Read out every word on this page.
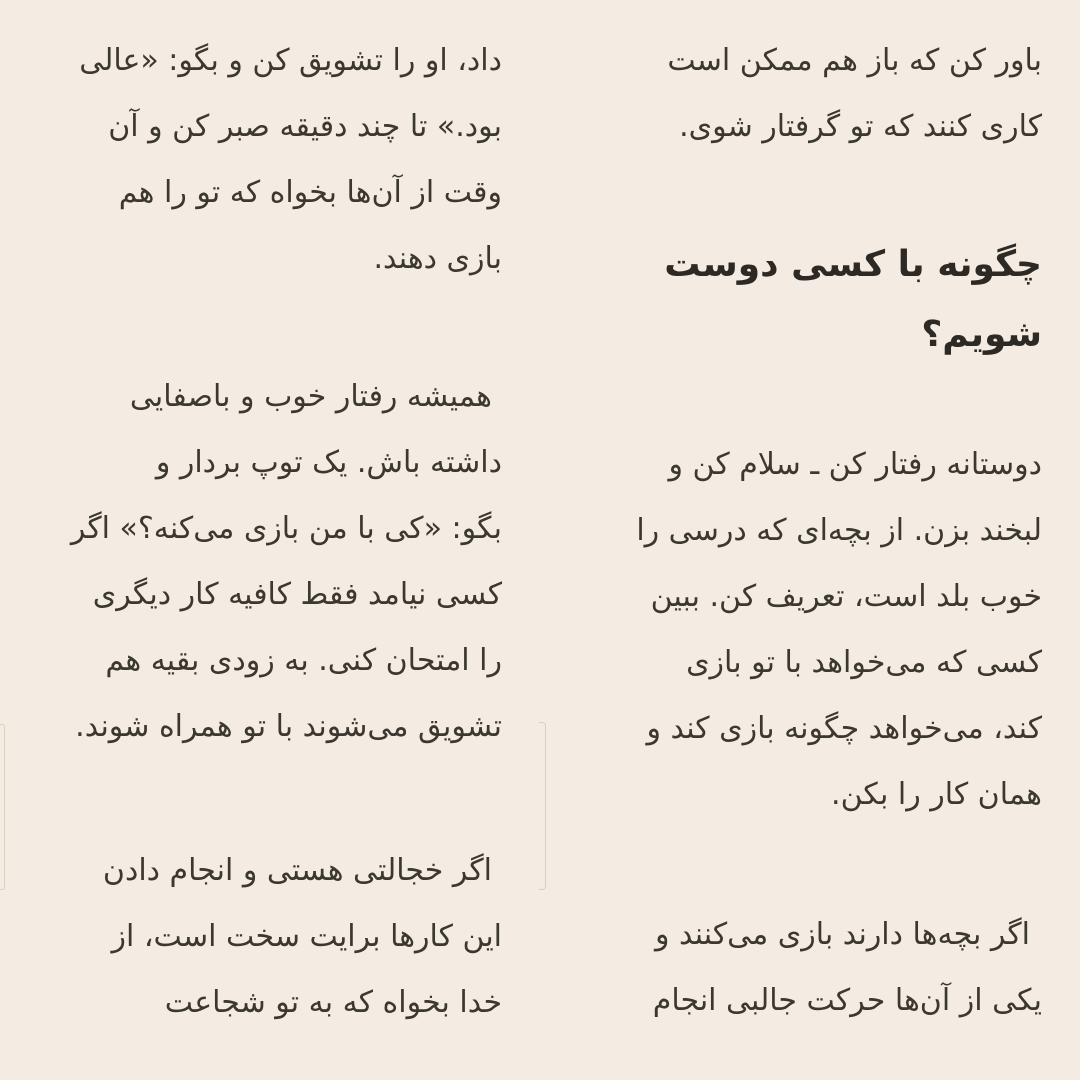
باور کن که باز هم ممکن است
کاری کنند که تو گرفتار شوی.

چگونه با کسی دوست
شویم؟

دوستانه رفتار کن ـ سلام کن و
لبخند بزن. از بچه‌ای که درسی را
خوب بلد است، تعریف کن. ببین
کسی که می‌خواهد با تو بازی
کند، می‌خواهد چگونه بازی کند و
همان کار را بکن.

اگر بچه‌ها دارند بازی می‌کنند و
یکی از آن‌ها حرکت جالبی انجام

داد، او را تشویق کن و بگو: «عالی
بود.» تا چند دقیقه صبر کن و آن
وقت از آن‌ها بخواه که تو را هم
بازی دهند.

همیشه رفتار خوب و باصفایی
داشته باش. یک توپ بردار و
بگو: «کی با من بازی می‌کنه؟» اگر
کسی نیامد فقط کافیه کار دیگری
را امتحان کنی. به زودی بقیه هم
تشویق می‌شوند با تو همراه شوند.

اگر خجالتی هستی و انجام دادن
این کارها برایت سخت است، از
خدا بخواه که به تو شجاعت
